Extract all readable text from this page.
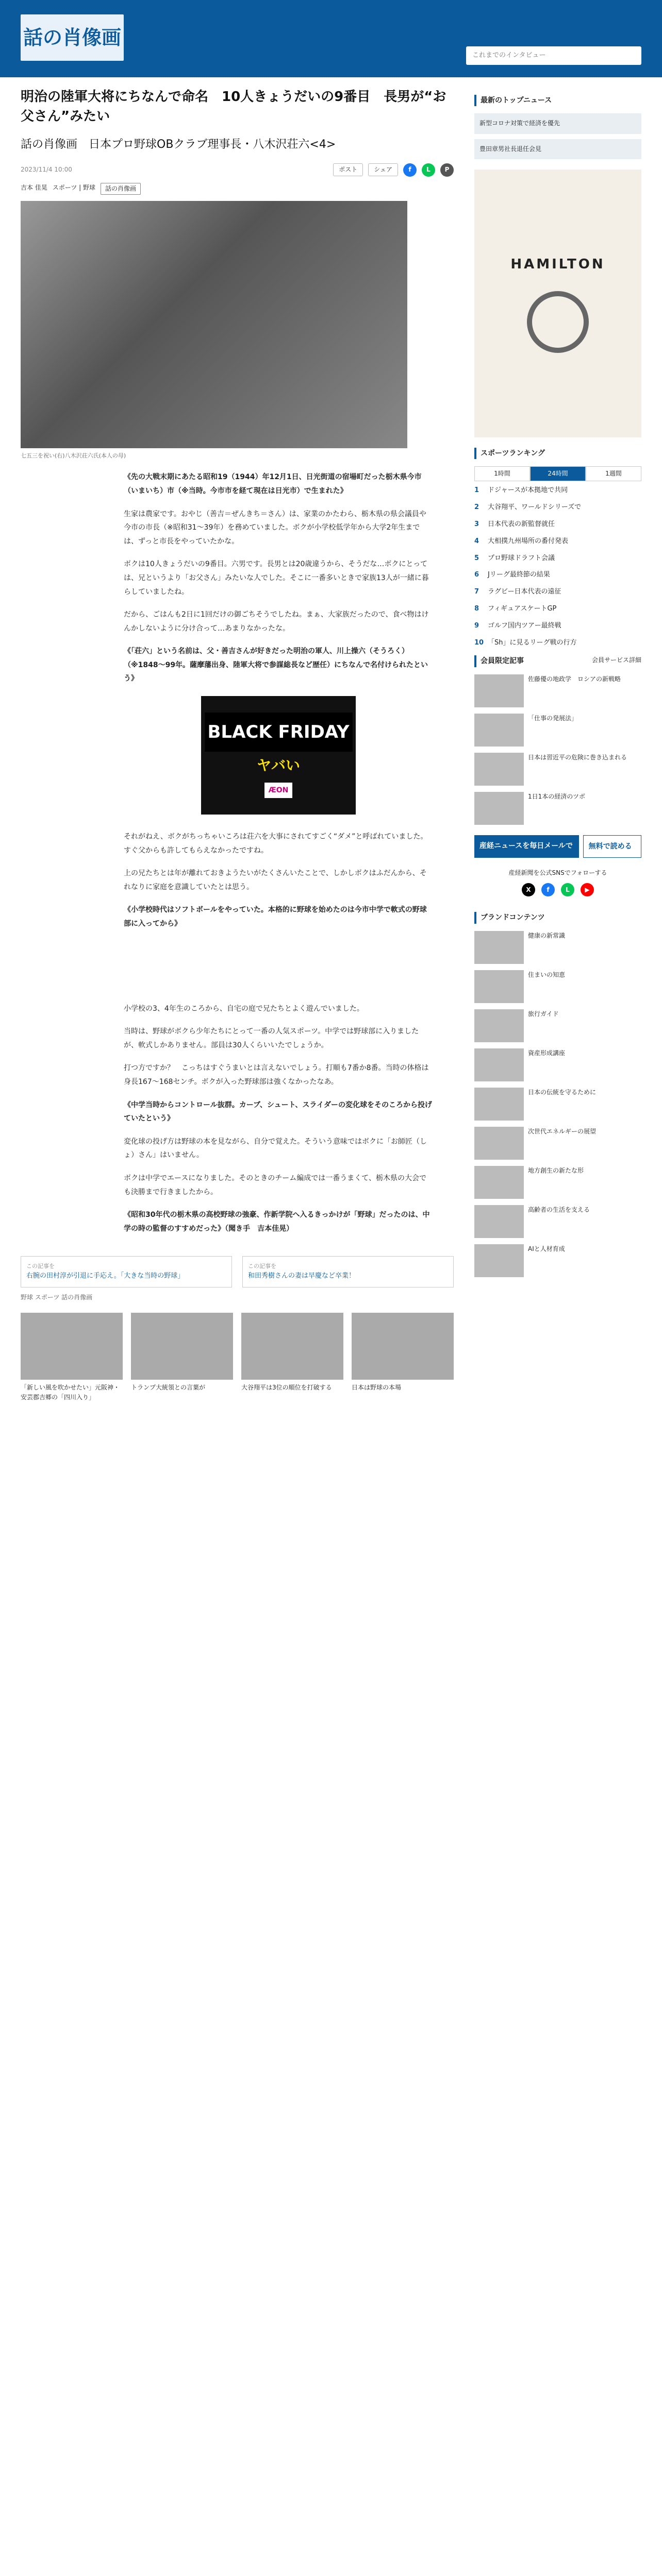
話の肖像画
これまでのインタビュー
明治の陸軍大将にちなんで命名　10人きょうだいの9番目　長男が“お父さん”みたい
話の肖像画　日本プロ野球OBクラブ理事長・八木沢荘六<4>
2023/11/4 10:00	ポスト	シェア	f	L	P
吉本 佳晃 スポーツ | 野球	話の肖像画
七五三を祝い(右)八木沢荘六氏(本人の母)

《先の大戦末期にあたる昭和19（1944）年12月1日、日光街道の宿場町だった栃木県今市（いまいち）市（※当時。今市市を経て現在は日光市）で生まれた》

生家は農家です。おやじ（善吉＝ぜんきち＝さん）は、家業のかたわら、栃木県の県会議員や今市の市長（※昭和31～39年）を務めていました。ボクが小学校低学年から大学2年生までは、ずっと市長をやっていたかな。

ボクは10人きょうだいの9番目。六男です。長男とは20歳違うから、そうだな…ボクにとっては、兄というより「お父さん」みたいな人でした。そこに一番多いときで家族13人が一緒に暮らしていましたね。

だから、ごはんも2日に1回だけの御ごちそうでしたね。まぁ、大家族だったので、食べ物はけんかしないように分け合って…あまりなかったな。

《「荘六」という名前は、父・善吉さんが好きだった明治の軍人、川上操六（そうろく）（※1848～99年。薩摩藩出身、陸軍大将で参謀総長など歴任）にちなんで名付けられたという》

BLACK FRIDAY
ヤバい
ÆON

それがねえ、ボクがちっちゃいころは荘六を大事にされてすごく“ダメ”と呼ばれていました。すぐ父からも許してもらえなかったですね。

上の兄たちとは年が離れておきようたいがたくさんいたことで、しかしボクはふだんから、それなりに家庭を意識していたとは思う。

《小学校時代はソフトボールをやっていた。本格的に野球を始めたのは今市中学で軟式の野球部に入ってから》

小学校の3、4年生のころから、自宅の庭で兄たちとよく遊んでいました。

当時は、野球がボクら少年たちにとって一番の人気スポーツ。中学では野球部に入りましたが、軟式しかありません。部員は30人くらいいたでしょうか。

打つ方ですか？　こっちはすぐうまいとは言えないでしょう。打順も7番か8番。当時の体格は身長167～168センチ。ボクが入った野球部は強くなかったなあ。

《中学当時からコントロール抜群。カーブ、シュート、スライダーの変化球をそのころから投げていたという》

変化球の投げ方は野球の本を見ながら、自分で覚えた。そういう意味ではボクに「お師匠（しょ）さん」はいません。

ボクは中学でエースになりました。そのときのチーム編成では一番うまくて、栃木県の大会でも決勝まで行きましたから。

《昭和30年代の栃木県の高校野球の強豪、作新学院へ入るきっかけが「野球」だったのは、中学の時の監督のすすめだった》（聞き手　吉本佳晃）

この記事を
右腕の田村淳が引退に手応え。「大きな当時の野球」
この記事を
和田秀樹さんの妻は早慶など卒業！
野球 スポーツ 話の肖像画
「新しい風を吹かせたい」元阪神・安芸郡吉郷の「四川入り」
トランプ大統領との言葉が	大谷翔平は3位の順位を打破する	日本は野球の本場
最新のトップニュース
新型コロナ対策で経済を優先
豊田章男社長退任会見
HAMILTON
スポーツランキング
1時間	24時間	1週間
1	ドジャースが本拠地で共同
2	大谷翔平、ワールドシリーズで
3	日本代表の新監督就任
4	大相撲九州場所の番付発表
5	プロ野球ドラフト会議
6	Jリーグ最終節の結果
7	ラグビー日本代表の遠征
8	フィギュアスケートGP
9	ゴルフ国内ツアー最終戦
10 「Sh」に見るリーグ戦の行方
会員限定記事	会員サービス詳細
佐藤優の地政学　ロシアの新戦略
「仕事の発展法」
日本は習近平の危険に巻き込まれる
1日1本の経済のツボ
産経ニュースを毎日メールで	無料で読める
産経新聞を公式SNSでフォローする
X	f	L	▶
ブランドコンテンツ
健康の新常識
住まいの知恵
旅行ガイド
資産形成講座
日本の伝統を守るために
次世代エネルギーの展望
地方創生の新たな形
高齢者の生活を支える
AIと人材育成
